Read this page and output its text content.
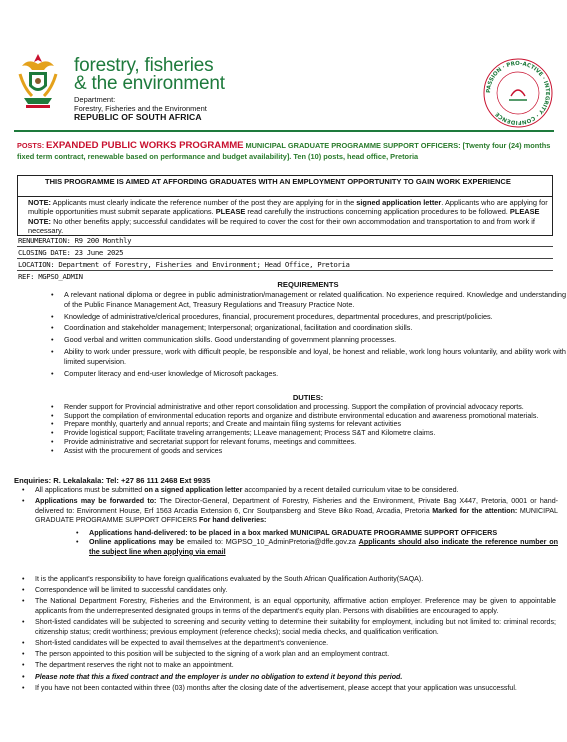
forestry, fisheries
& the environment
Department:
Forestry, Fisheries and the Environment
REPUBLIC OF SOUTH AFRICA
PASSION · PRO-ACTIVE · INTEGRITY · CONFIDENCE
POSTS: EXPANDED PUBLIC WORKS PROGRAMME MUNICIPAL GRADUATE PROGRAMME SUPPORT OFFICERS: [Twenty four (24) months fixed term contract, renewable based on performance and budget availability]. Ten (10) posts, head office, Pretoria
THIS PROGRAMME IS AIMED AT AFFORDING GRADUATES WITH AN EMPLOYMENT OPPORTUNITY TO GAIN WORK EXPERIENCE
NOTE: Applicants must clearly indicate the reference number of the post they are applying for in the signed application letter. Applicants who are applying for multiple opportunities must submit separate applications. PLEASE read carefully the instructions concerning application procedures to be followed. PLEASE NOTE: No other benefits apply; successful candidates will be required to cover the cost for their own accommodation and transportation to and from work if necessary.
RENUMERATION: R9 200 Monthly
CLOSING DATE: 23 June 2025
LOCATION: Department of Forestry, Fisheries and Environment; Head Office, Pretoria
REF: MGPSO_ADMIN
REQUIREMENTS
• A relevant national diploma or degree in public administration/management or related qualification. No experience required. Knowledge and understanding of the Public Finance Management Act, Treasury Regulations and Treasury Practice Note.
• Knowledge of administrative/clerical procedures, financial, procurement procedures, departmental procedures, and prescript/policies.
• Coordination and stakeholder management; Interpersonal; organizational, facilitation and coordination skills.
• Good verbal and written communication skills. Good understanding of government planning processes.
• Ability to work under pressure, work with difficult people, be responsible and loyal, be honest and reliable, work long hours voluntarily, and ability work with limited supervision.
• Computer literacy and end-user knowledge of Microsoft packages.
DUTIES:
• Render support for Provincial administrative and other report consolidation and processing. Support the compilation of provincial advocacy reports.
• Support the compilation of environmental education reports and organize and distribute environmental education and awareness promotional materials.
• Prepare monthly, quarterly and annual reports; and Create and maintain filing systems for relevant activities
• Provide logistical support; Facilitate traveling arrangements; LLeave management; Process S&T and Kilometre claims.
• Provide administrative and secretariat support for relevant forums, meetings and committees.
• Assist with the procurement of goods and services
Enquiries: R. Lekalakala: Tel: +27 86 111 2468 Ext 9935
• All applications must be submitted on a signed application letter accompanied by a recent detailed curriculum vitae to be considered.
• Applications may be forwarded to: The Director-General, Department of Forestry, Fisheries and the Environment, Private Bag X447, Pretoria, 0001 or hand-delivered to: Environment House, Erf 1563 Arcadia Extension 6, Cnr Soutpansberg and Steve Biko Road, Arcadia, Pretoria Marked for the attention: MUNICIPAL GRADUATE PROGRAMME SUPPORT OFFICERS For hand deliveries:
• Applications hand-delivered: to be placed in a box marked MUNICIPAL GRADUATE PROGRAMME SUPPORT OFFICERS
• Online applications may be emailed to: MGPSO_10_AdminPretoria@dffe.gov.za Applicants should also indicate the reference number on the subject line when applying via email
• It is the applicant's responsibility to have foreign qualifications evaluated by the South African Qualification Authority(SAQA).
• Correspondence will be limited to successful candidates only.
• The National Department Forestry, Fisheries and the Environment, is an equal opportunity, affirmative action employer. Preference may be given to appointable applicants from the underrepresented designated groups in terms of the department's equity plan. Persons with disabilities are encouraged to apply.
• Short-listed candidates will be subjected to screening and security vetting to determine their suitability for employment, including but not limited to: criminal records; citizenship status; credit worthiness; previous employment (reference checks); social media checks, and qualification verification.
• Short-listed candidates will be expected to avail themselves at the department's convenience.
• The person appointed to this position will be subjected to the signing of a work plan and an employment contract.
• The department reserves the right not to make an appointment.
• Please note that this a fixed contract and the employer is under no obligation to extend it beyond this period.
• If you have not been contacted within three (03) months after the closing date of the advertisement, please accept that your application was unsuccessful.
